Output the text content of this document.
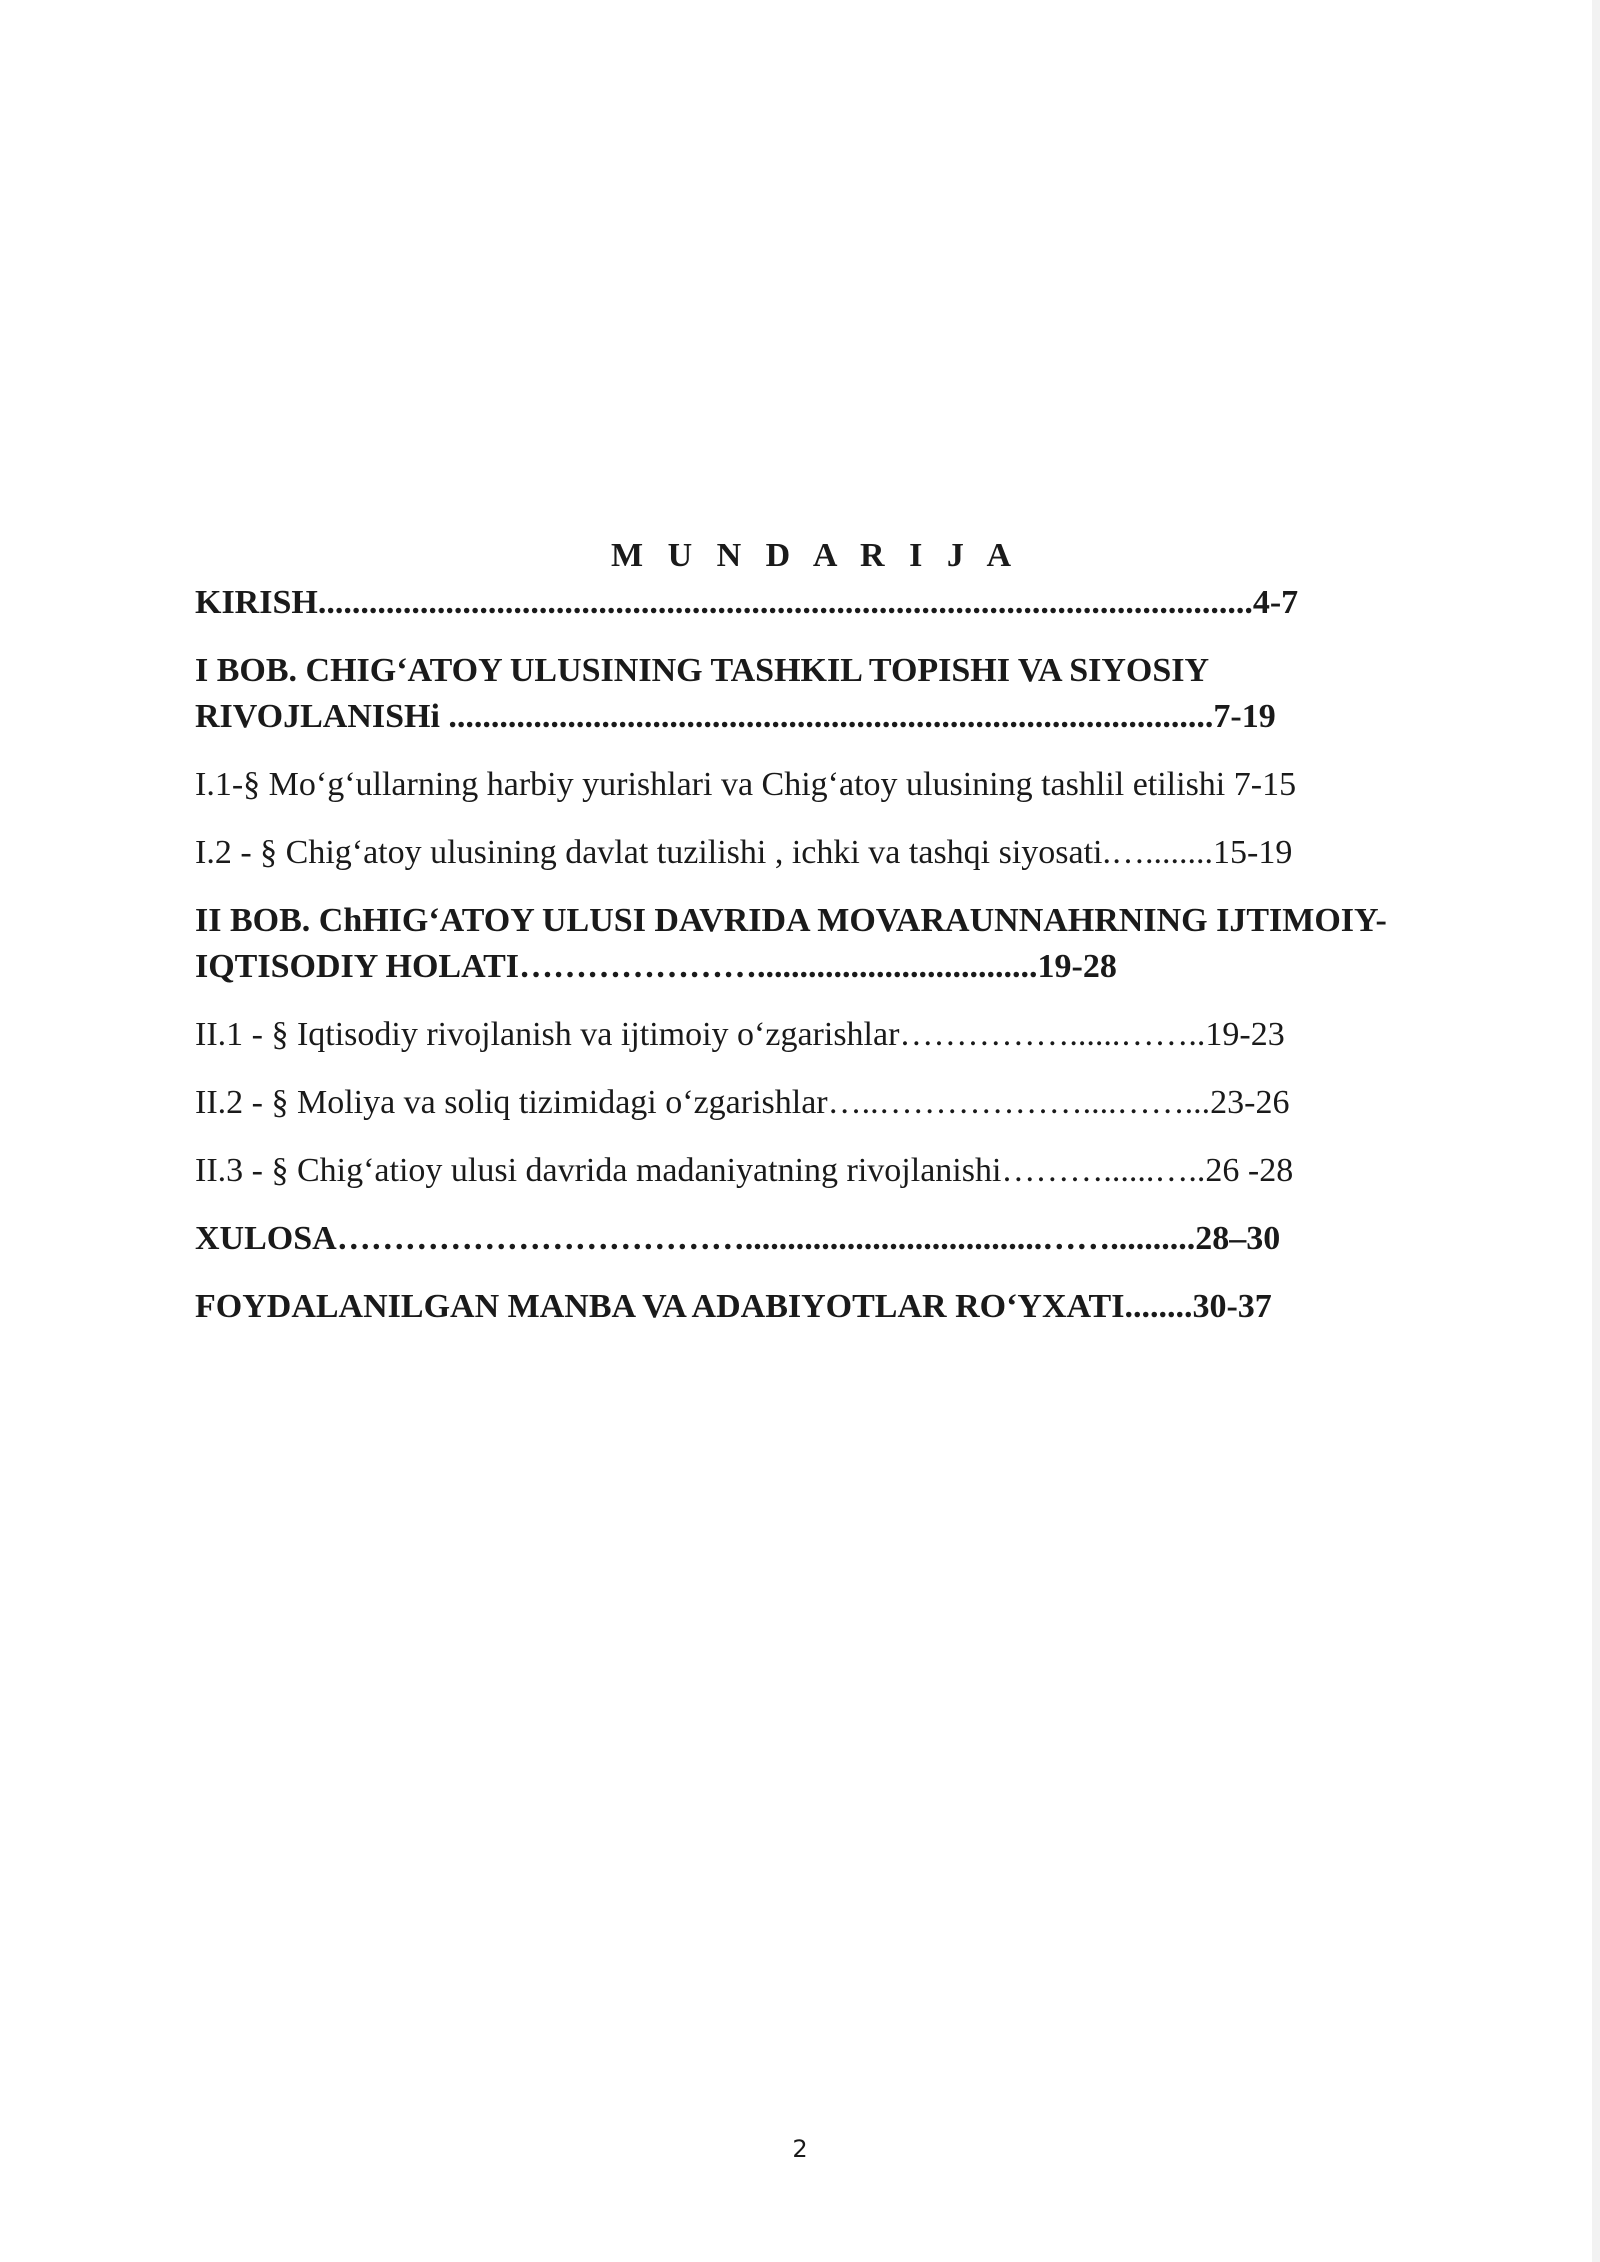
M U N D A R I J A

KIRISH..............................................................................................................4-7

I BOB. CHIG‘ATOY ULUSINING TASHKIL TOPISHI VA SIYOSIY RIVOJLANISHi ..........................................................................................7-19

I.1-§ Mo‘g‘ullarning harbiy yurishlari va Chig‘atoy ulusining tashlil etilishi 7-15

I.2 - § Chig‘atoy ulusining davlat tuzilishi , ichki va tashqi siyosati.…........15-19

II BOB. ChHIG‘ATOY ULUSI DAVRIDA MOVARAUNNAHRNING IJTIMOIY-IQTISODIY HOLATI………………….................................19-28

II.1 - § Iqtisodiy rivojlanish va ijtimoiy o‘zgarishlar……………......……..19-23

II.2 - § Moliya va soliq tizimidagi o‘zgarishlar…..………………....……...23-26

II.3 - § Chig‘atioy ulusi davrida madaniyatning rivojlanishi………......…..26 -28

XULOSA………………………………...................................……..........28–30

FOYDALANILGAN MANBA VA ADABIYOTLAR RO‘YXATI........30-37

2
